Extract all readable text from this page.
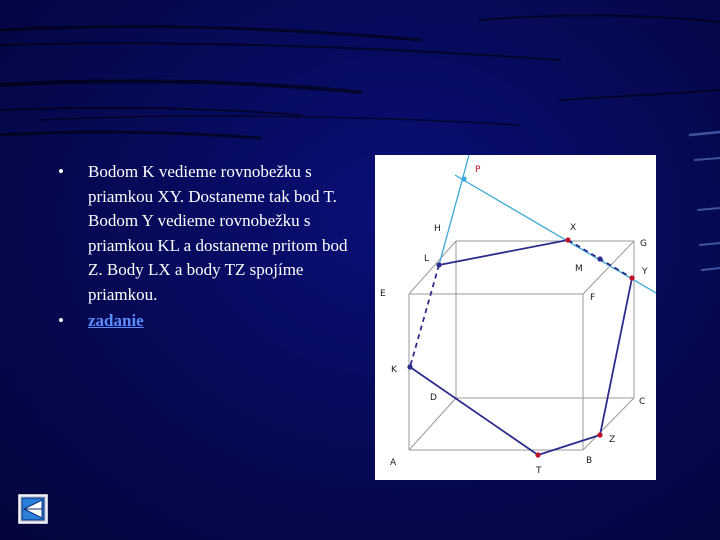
• Bodom K vedieme rovnobežku s priamkou XY. Dostaneme tak bod T. Bodom Y vedieme rovnobežku s priamkou KL a dostaneme pritom bod Z. Body LX a body TZ spojíme priamkou.
• zadanie
P
H	X
G
L
M	Y
E	F
K
D	C
Z
A	B
T
